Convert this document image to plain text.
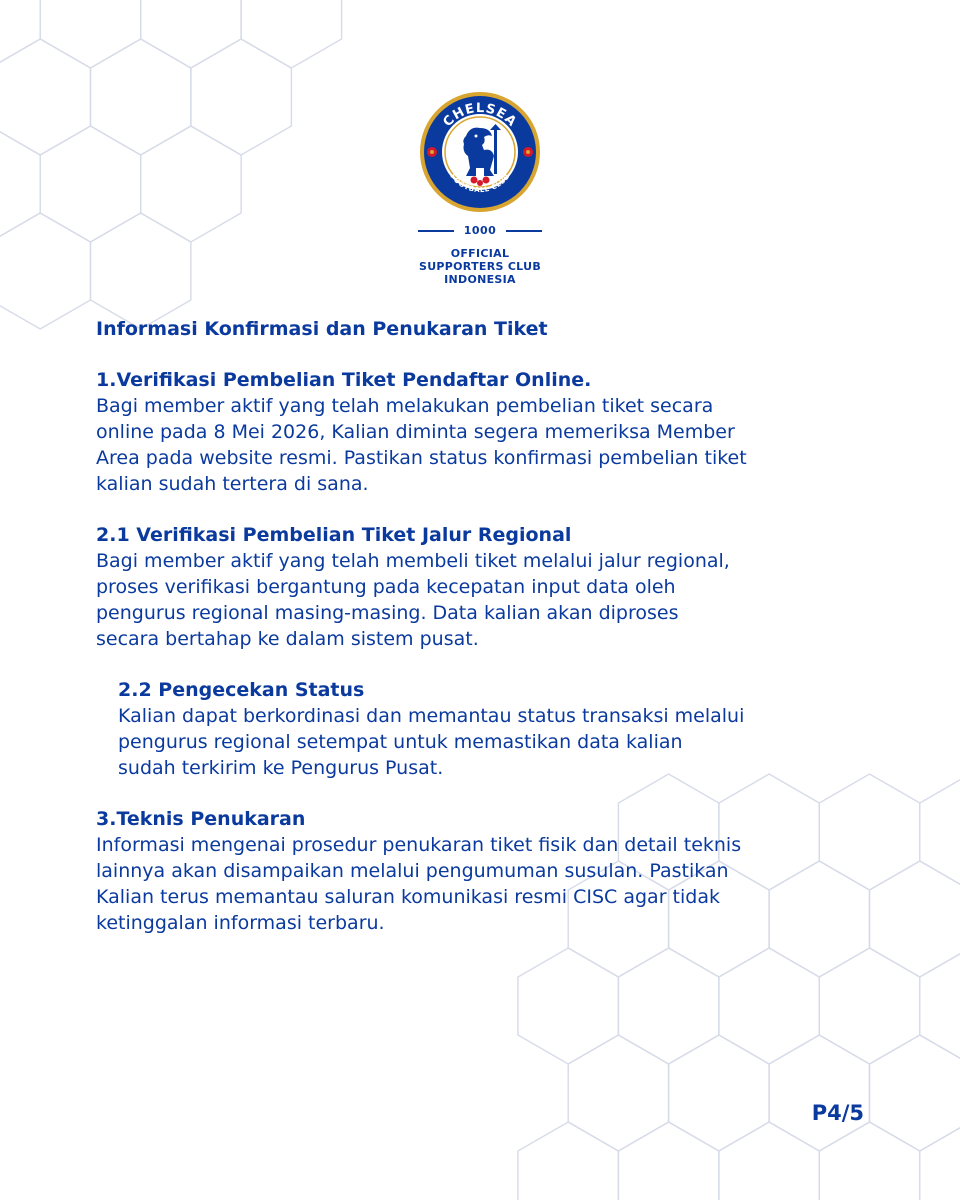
CHELSEA
FOOTBALL CLUB
1000
OFFICIAL
SUPPORTERS CLUB
INDONESIA
Informasi Konfirmasi dan Penukaran Tiket

1.Verifikasi Pembelian Tiket Pendaftar Online.

Bagi member aktif yang telah melakukan pembelian tiket secara

online pada 8 Mei 2026, Kalian diminta segera memeriksa Member

Area pada website resmi. Pastikan status konfirmasi pembelian tiket

kalian sudah tertera di sana.

2.1 Verifikasi Pembelian Tiket Jalur Regional

Bagi member aktif yang telah membeli tiket melalui jalur regional,

proses verifikasi bergantung pada kecepatan input data oleh

pengurus regional masing-masing. Data kalian akan diproses

secara bertahap ke dalam sistem pusat.

2.2 Pengecekan Status

Kalian dapat berkordinasi dan memantau status transaksi melalui

pengurus regional setempat untuk memastikan data kalian

sudah terkirim ke Pengurus Pusat.

3.Teknis Penukaran

Informasi mengenai prosedur penukaran tiket fisik dan detail teknis

lainnya akan disampaikan melalui pengumuman susulan. Pastikan

Kalian terus memantau saluran komunikasi resmi CISC agar tidak

ketinggalan informasi terbaru.

P4/5
